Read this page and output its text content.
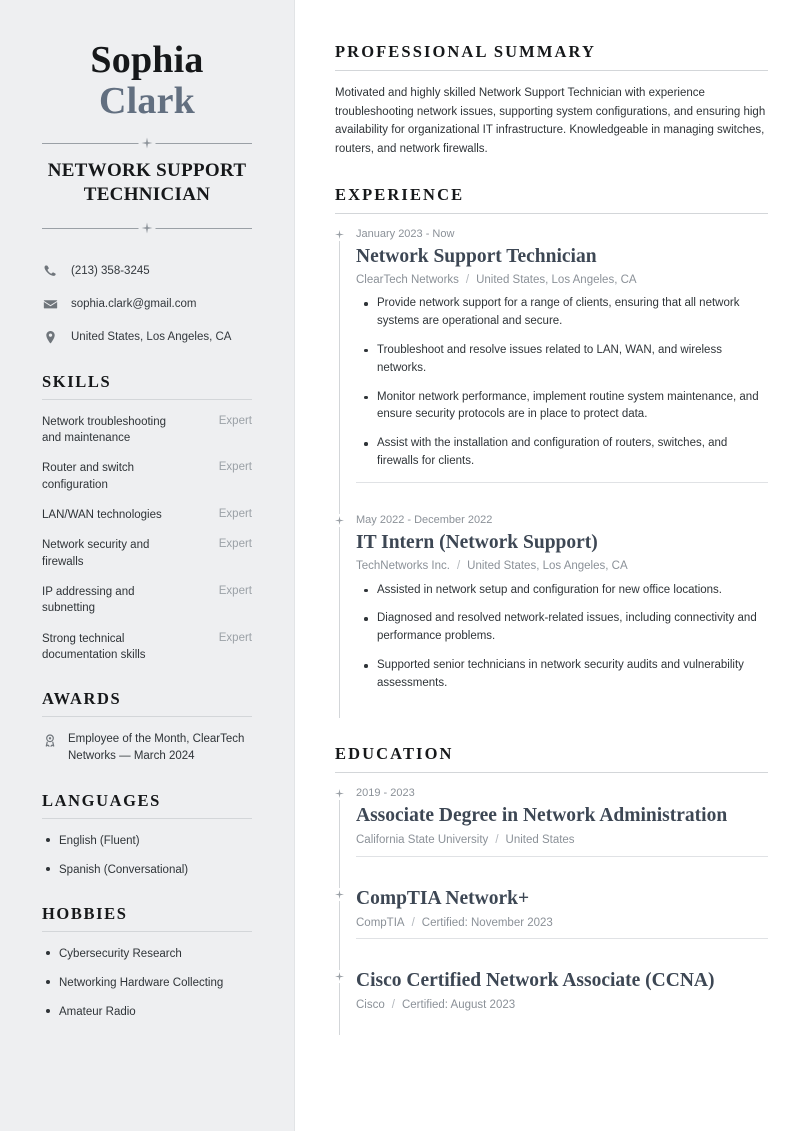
Sophia
Clark
NETWORK SUPPORT TECHNICIAN
(213) 358-3245
sophia.clark@gmail.com
United States, Los Angeles, CA
SKILLS
Network troubleshooting and maintenance
Expert
Router and switch configuration
Expert
LAN/WAN technologies	Expert
Network security and firewalls
Expert
IP addressing and subnetting
Expert
Strong technical documentation skills
Expert
AWARDS
Employee of the Month, ClearTech Networks — March 2024
LANGUAGES
English (Fluent)
Spanish (Conversational)
HOBBIES
Cybersecurity Research
Networking Hardware Collecting
Amateur Radio
PROFESSIONAL SUMMARY

Motivated and highly skilled Network Support Technician with experience troubleshooting network issues, supporting system configurations, and ensuring high availability for organizational IT infrastructure. Knowledgeable in managing switches, routers, and network firewalls.

EXPERIENCE
January 2023 - Now
Network Support Technician
ClearTech Networks / United States, Los Angeles, CA
Provide network support for a range of clients, ensuring that all network systems are operational and secure.
Troubleshoot and resolve issues related to LAN, WAN, and wireless networks.
Monitor network performance, implement routine system maintenance, and ensure security protocols are in place to protect data.
Assist with the installation and configuration of routers, switches, and firewalls for clients.
May 2022 - December 2022
IT Intern (Network Support)
TechNetworks Inc. / United States, Los Angeles, CA
Assisted in network setup and configuration for new office locations.
Diagnosed and resolved network-related issues, including connectivity and performance problems.
Supported senior technicians in network security audits and vulnerability assessments.
EDUCATION
2019 - 2023
Associate Degree in Network Administration
California State University / United States
CompTIA Network+
CompTIA / Certified: November 2023
Cisco Certified Network Associate (CCNA)
Cisco / Certified: August 2023
